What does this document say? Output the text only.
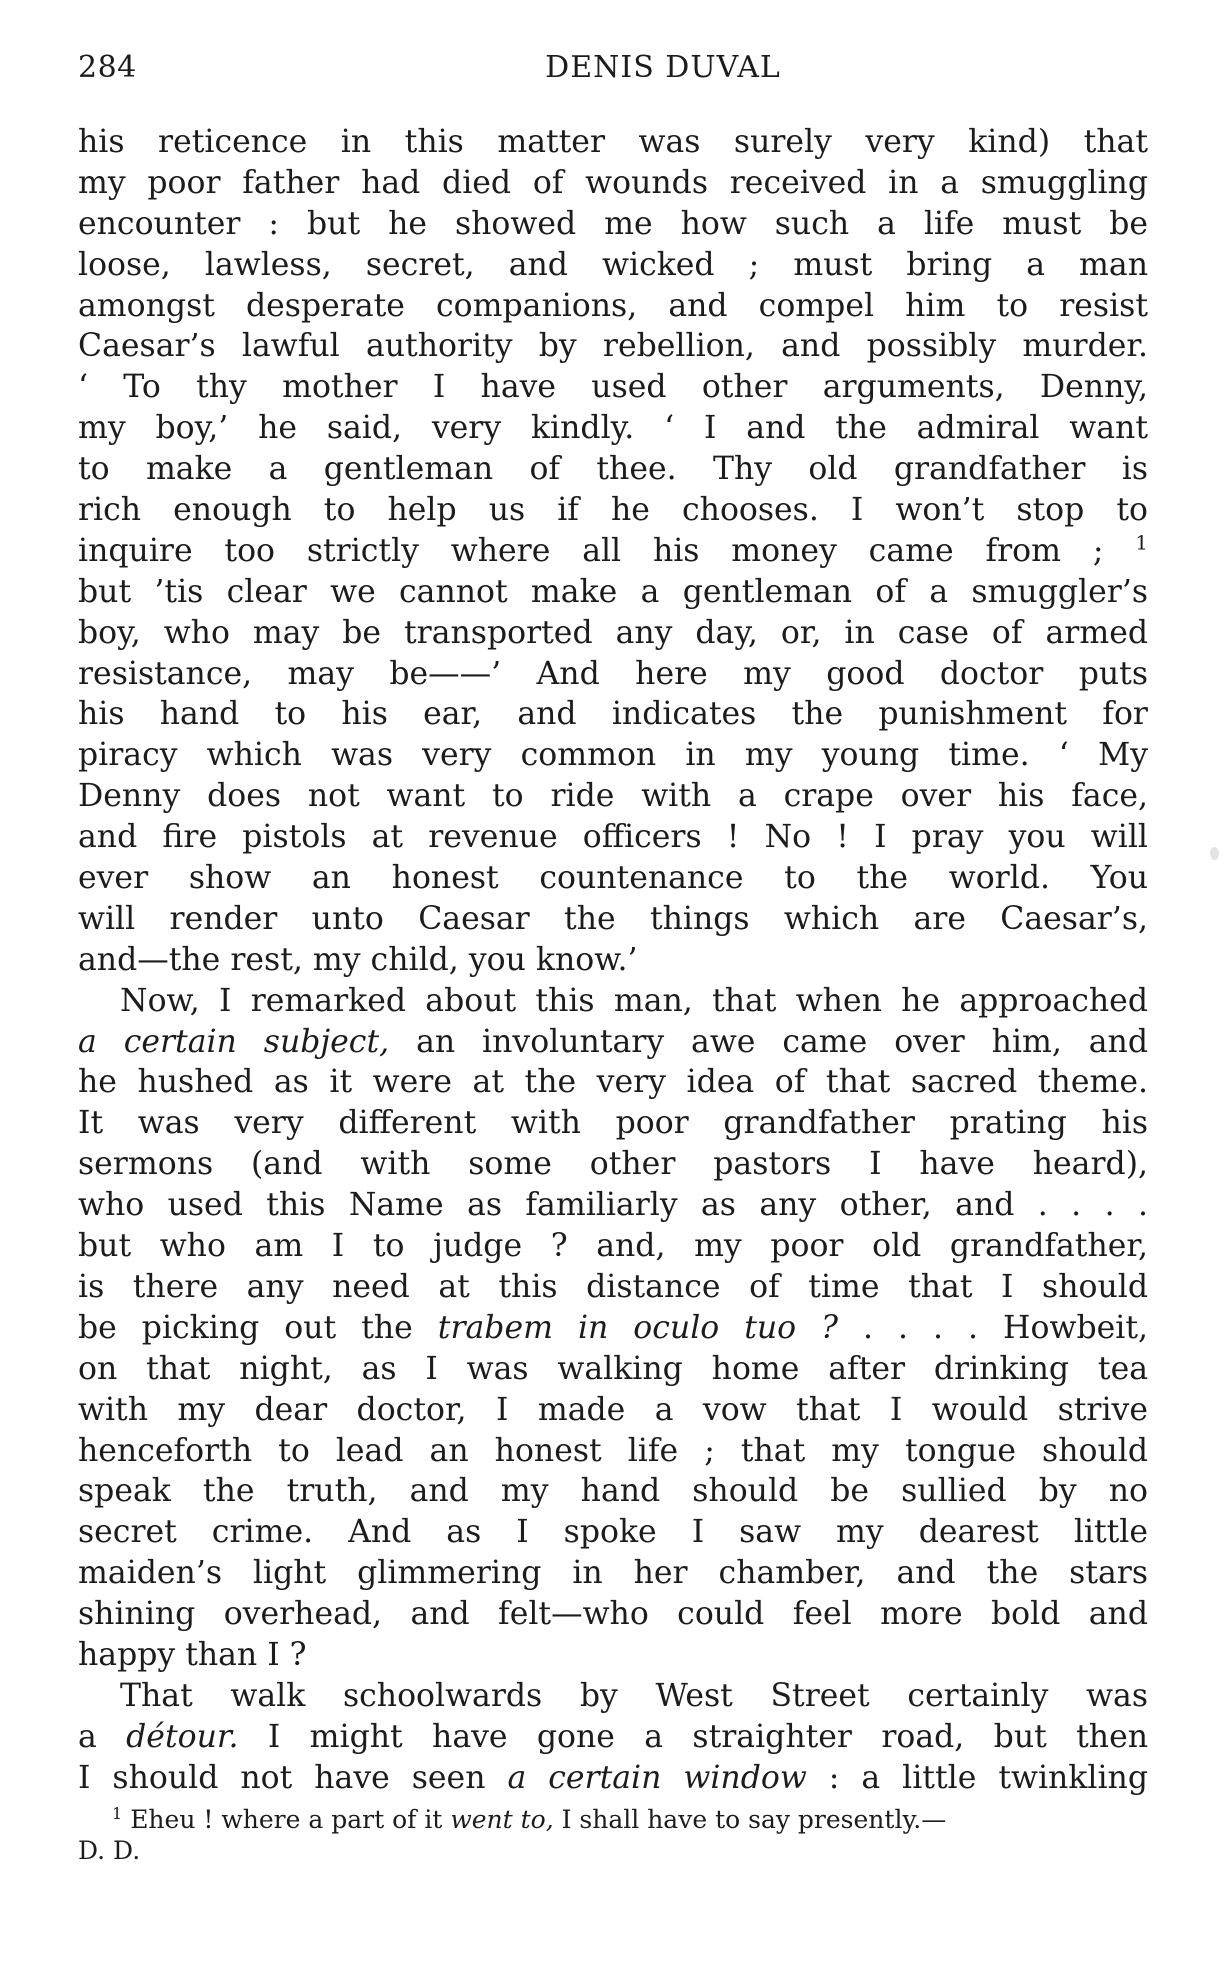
284	DENIS DUVAL
his reticence in this matter was surely very kind) that
my poor father had died of wounds received in a smuggling
encounter : but he showed me how such a life must be
loose, lawless, secret, and wicked ; must bring a man
amongst desperate companions, and compel him to resist
Caesar’s lawful authority by rebellion, and possibly murder.
‘ To thy mother I have used other arguments, Denny,
my boy,’ he said, very kindly. ‘ I and the admiral want
to make a gentleman of thee. Thy old grandfather is
rich enough to help us if he chooses. I won’t stop to
inquire too strictly where all his money came from ; $^1$
but ’tis clear we cannot make a gentleman of a smuggler’s
boy, who may be transported any day, or, in case of armed
resistance, may be——’ And here my good doctor puts
his hand to his ear, and indicates the punishment for
piracy which was very common in my young time. ‘ My
Denny does not want to ride with a crape over his face,
and fire pistols at revenue officers ! No ! I pray you will
ever show an honest countenance to the world. You
will render unto Caesar the things which are Caesar’s,
and—the rest, my child, you know.’
Now, I remarked about this man, that when he approached
a certain subject, an involuntary awe came over him, and
he hushed as it were at the very idea of that sacred theme.
It was very different with poor grandfather prating his
sermons (and with some other pastors I have heard),
who used this Name as familiarly as any other, and . . . .
but who am I to judge ? and, my poor old grandfather,
is there any need at this distance of time that I should
be picking out the trabem in oculo tuo ? . . . . Howbeit,
on that night, as I was walking home after drinking tea
with my dear doctor, I made a vow that I would strive
henceforth to lead an honest life ; that my tongue should
speak the truth, and my hand should be sullied by no
secret crime. And as I spoke I saw my dearest little
maiden’s light glimmering in her chamber, and the stars
shining overhead, and felt—who could feel more bold and
happy than I ?
That walk schoolwards by West Street certainly was
a détour. I might have gone a straighter road, but then
I should not have seen a certain window : a little twinkling
$^1$ Eheu ! where a part of it went to, I shall have to say presently.—
D. D.
